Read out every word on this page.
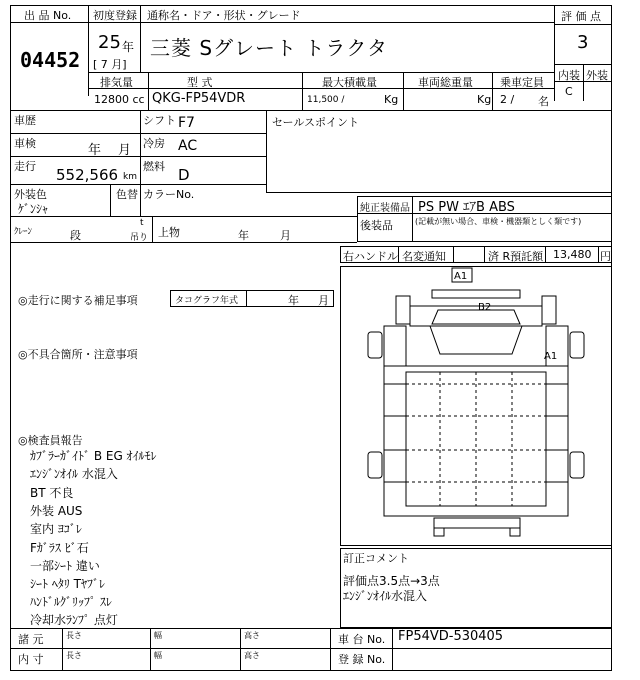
出 品 No.
04452
初度登録 通称名・ドア・形状・グレード
25 年
[ 7 月]
三菱 Sグレート トラクタ
評 価 点
3
内装 外装
C
排気量	型 式	最大積載量	車両総重量 乗車定員
12800 cc QKG-FP54VDR	11,500 /	Kg	Kg 2 / 名
車歴	シフト F7	セールスポイント
車検	年 月 冷房 AC
走行 552,566 km
燃料 D
外装色
ｹﾞﾝｼｬ
色替 カラーNo.
ｸﾚｰﾝ	段
t
吊り 上物	年	月
純正装備品 PS PW ｴｱB ABS
後装品	(記載が無い場合、車検・機器類としく類です)
右ハンドル 名変通知	済 R預託額 13,480 円
◎走行に関する補足事項	タコグラフ年式	年 月
◎不具合箇所・注意事項
◎検査員報告
ｶﾌﾞﾗｰｶﾞｲﾄﾞ B EG ｵｲﾙﾓﾚ
ｴﾝｼﾞﾝｵｲﾙ 水混入
BT 不良
外装 AUS
室内 ﾖｺﾞﾚ
Fｶﾞﾗｽ ﾋﾞ石
一部ｼｰﾄ 違い
ｼｰﾄ ﾍﾀﾘ Tﾔﾌﾞﾚ
ﾊﾝﾄﾞﾙｸﾞﾘｯﾌﾟ ｽﾚ
冷却水ﾗﾝﾌﾟ 点灯
A1
B2
A1
訂正コメント
評価点3.5点→3点
ｴﾝｼﾞﾝｵｲﾙ水混入
諸 元
内 寸
長さ
長さ
幅
幅
高さ
高さ
車 台 No. FP54VD-530405
登 録 No.
